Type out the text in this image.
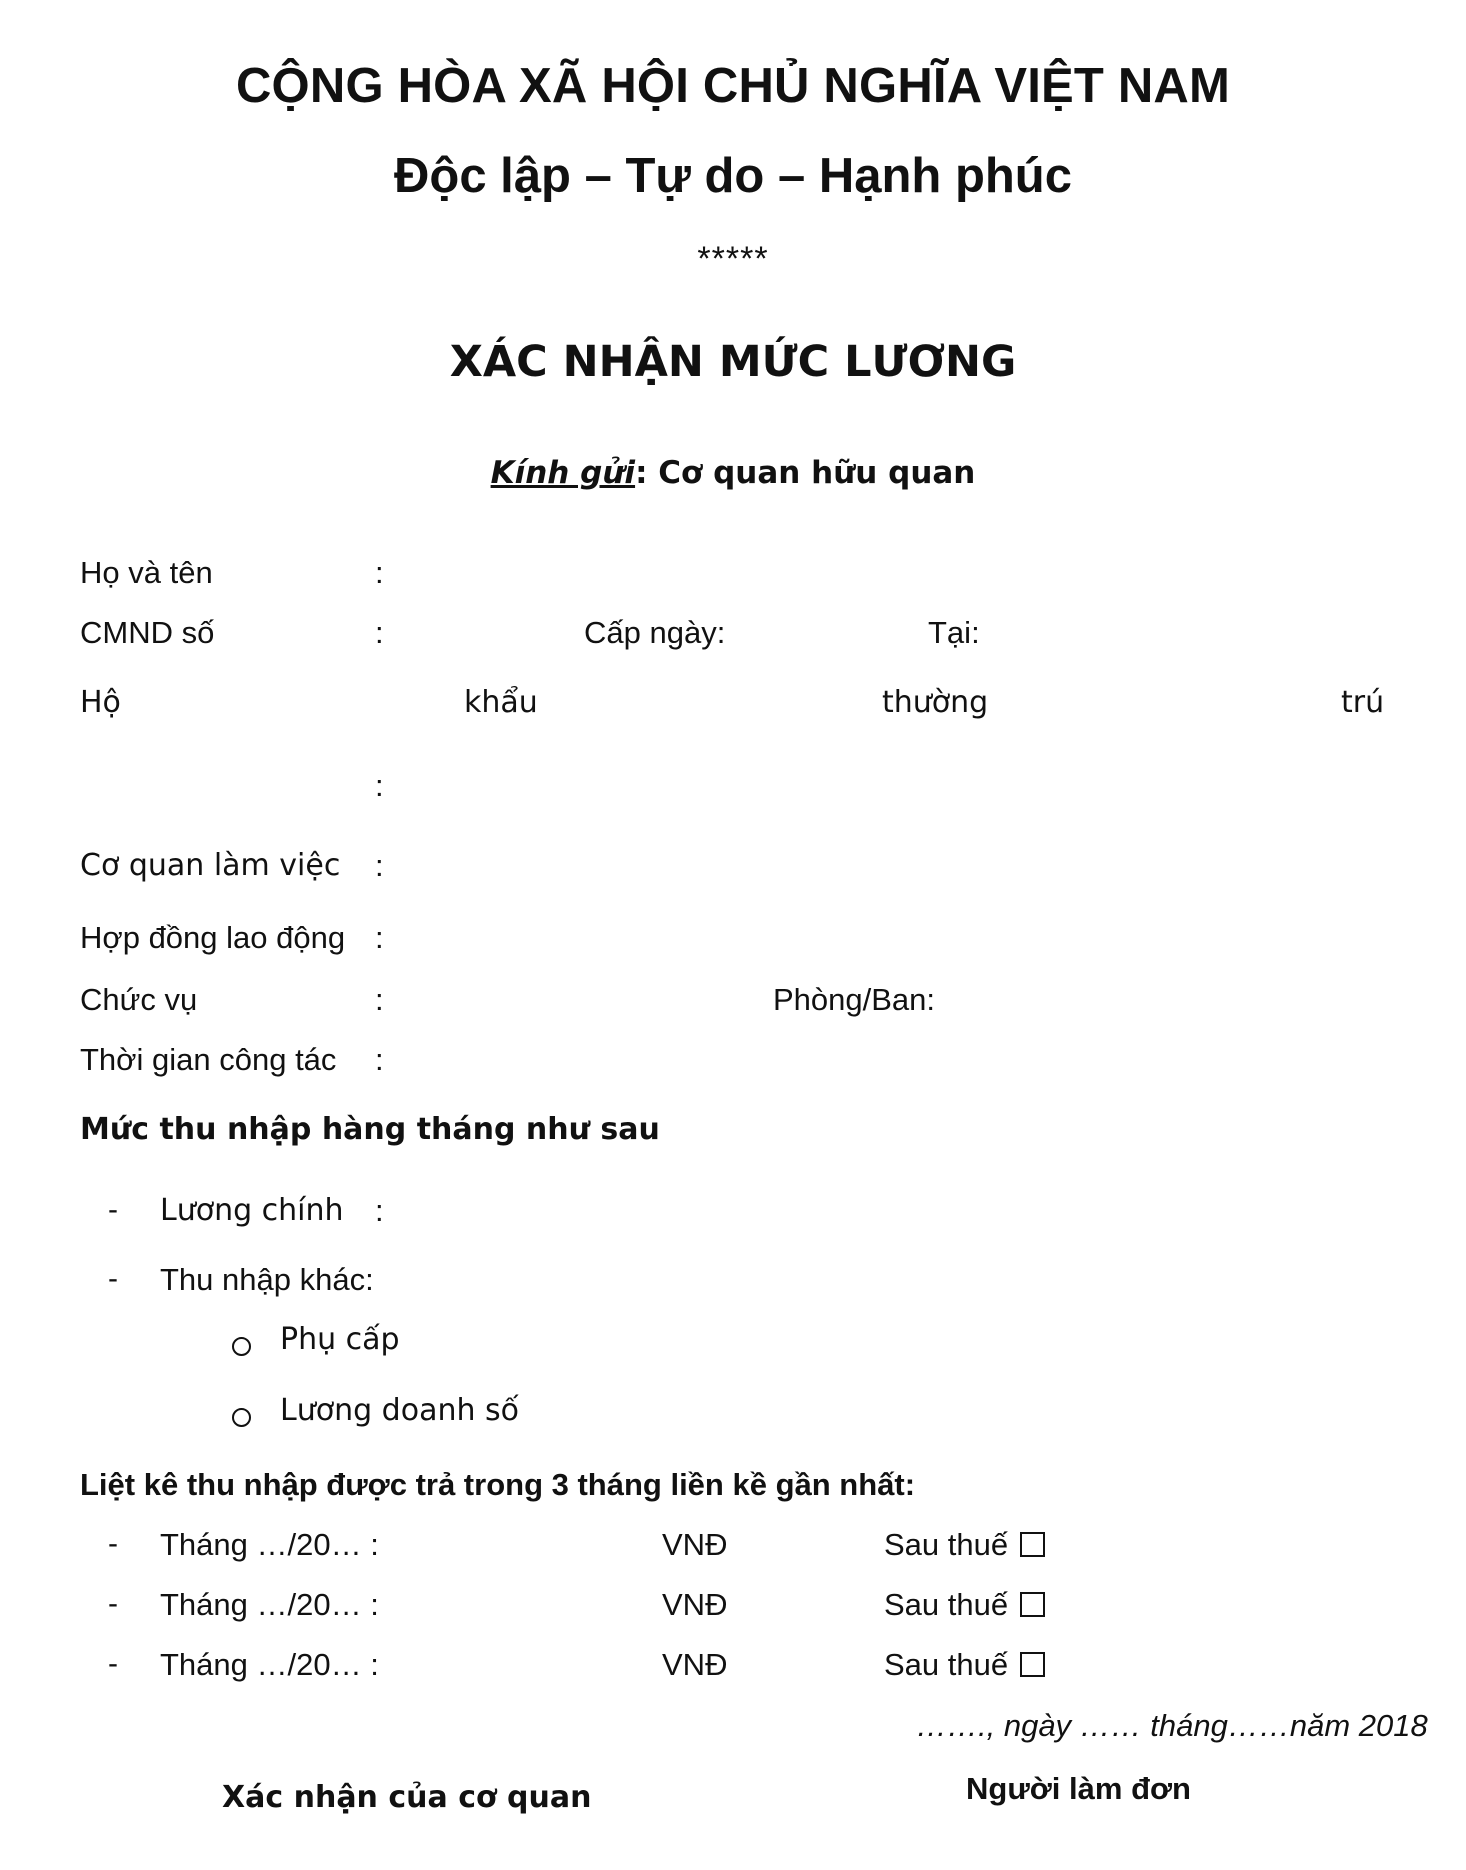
CỘNG HÒA XÃ HỘI CHỦ NGHĨA VIỆT NAM
Độc lập – Tự do – Hạnh phúc
*****
XÁC NHẬN MỨC LƯƠNG
Kính gửi: Cơ quan hữu quan
Họ và tên	:
CMND số	:	Cấp ngày:	Tại:
Hộ	khẩu	thường	trú
:
Cơ quan làm việc :
Hợp đồng lao động :
Chức vụ	:	Phòng/Ban:
Thời gian công tác :
Mức thu nhập hàng tháng như sau
- Lương chính :
- Thu nhập khác:
Phụ cấp
Lương doanh số
Liệt kê thu nhập được trả trong 3 tháng liền kề gần nhất:
- Tháng …/20… :	VNĐ	Sau thuế
- Tháng …/20… :	VNĐ	Sau thuế
- Tháng …/20… :	VNĐ	Sau thuế
……., ngày …… tháng……năm 2018
Xác nhận của cơ quan	Người làm đơn
